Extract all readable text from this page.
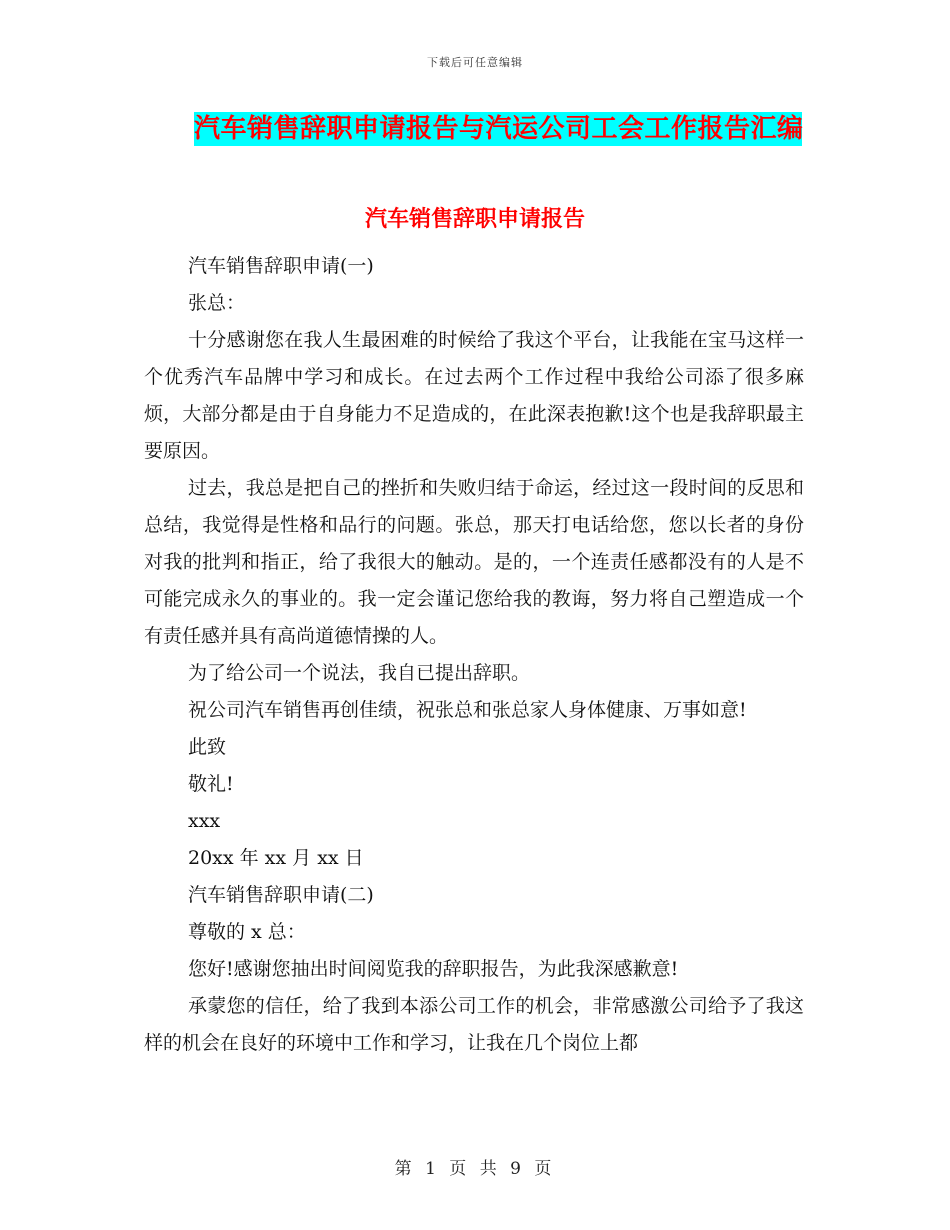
下载后可任意编辑
汽车销售辞职申请报告与汽运公司工会工作报告汇编
汽车销售辞职申请报告

汽车销售辞职申请(一)

张总：

十分感谢您在我人生最困难的时候给了我这个平台，让我能在宝马这样一个优秀汽车品牌中学习和成长。在过去两个工作过程中我给公司添了很多麻烦，大部分都是由于自身能力不足造成的，在此深表抱歉!这个也是我辞职最主要原因。

过去，我总是把自己的挫折和失败归结于命运，经过这一段时间的反思和总结，我觉得是性格和品行的问题。张总，那天打电话给您，您以长者的身份对我的批判和指正，给了我很大的触动。是的，一个连责任感都没有的人是不可能完成永久的事业的。我一定会谨记您给我的教诲，努力将自己塑造成一个有责任感并具有高尚道德情操的人。

为了给公司一个说法，我自已提出辞职。

祝公司汽车销售再创佳绩，祝张总和张总家人身体健康、万事如意!

此致

敬礼!

xxx

20xx 年 xx 月 xx 日

汽车销售辞职申请(二)

尊敬的 x 总：

您好!感谢您抽出时间阅览我的辞职报告，为此我深感歉意!

承蒙您的信任，给了我到本添公司工作的机会，非常感激公司给予了我这样的机会在良好的环境中工作和学习，让我在几个岗位上都

第 1 页 共 9 页
